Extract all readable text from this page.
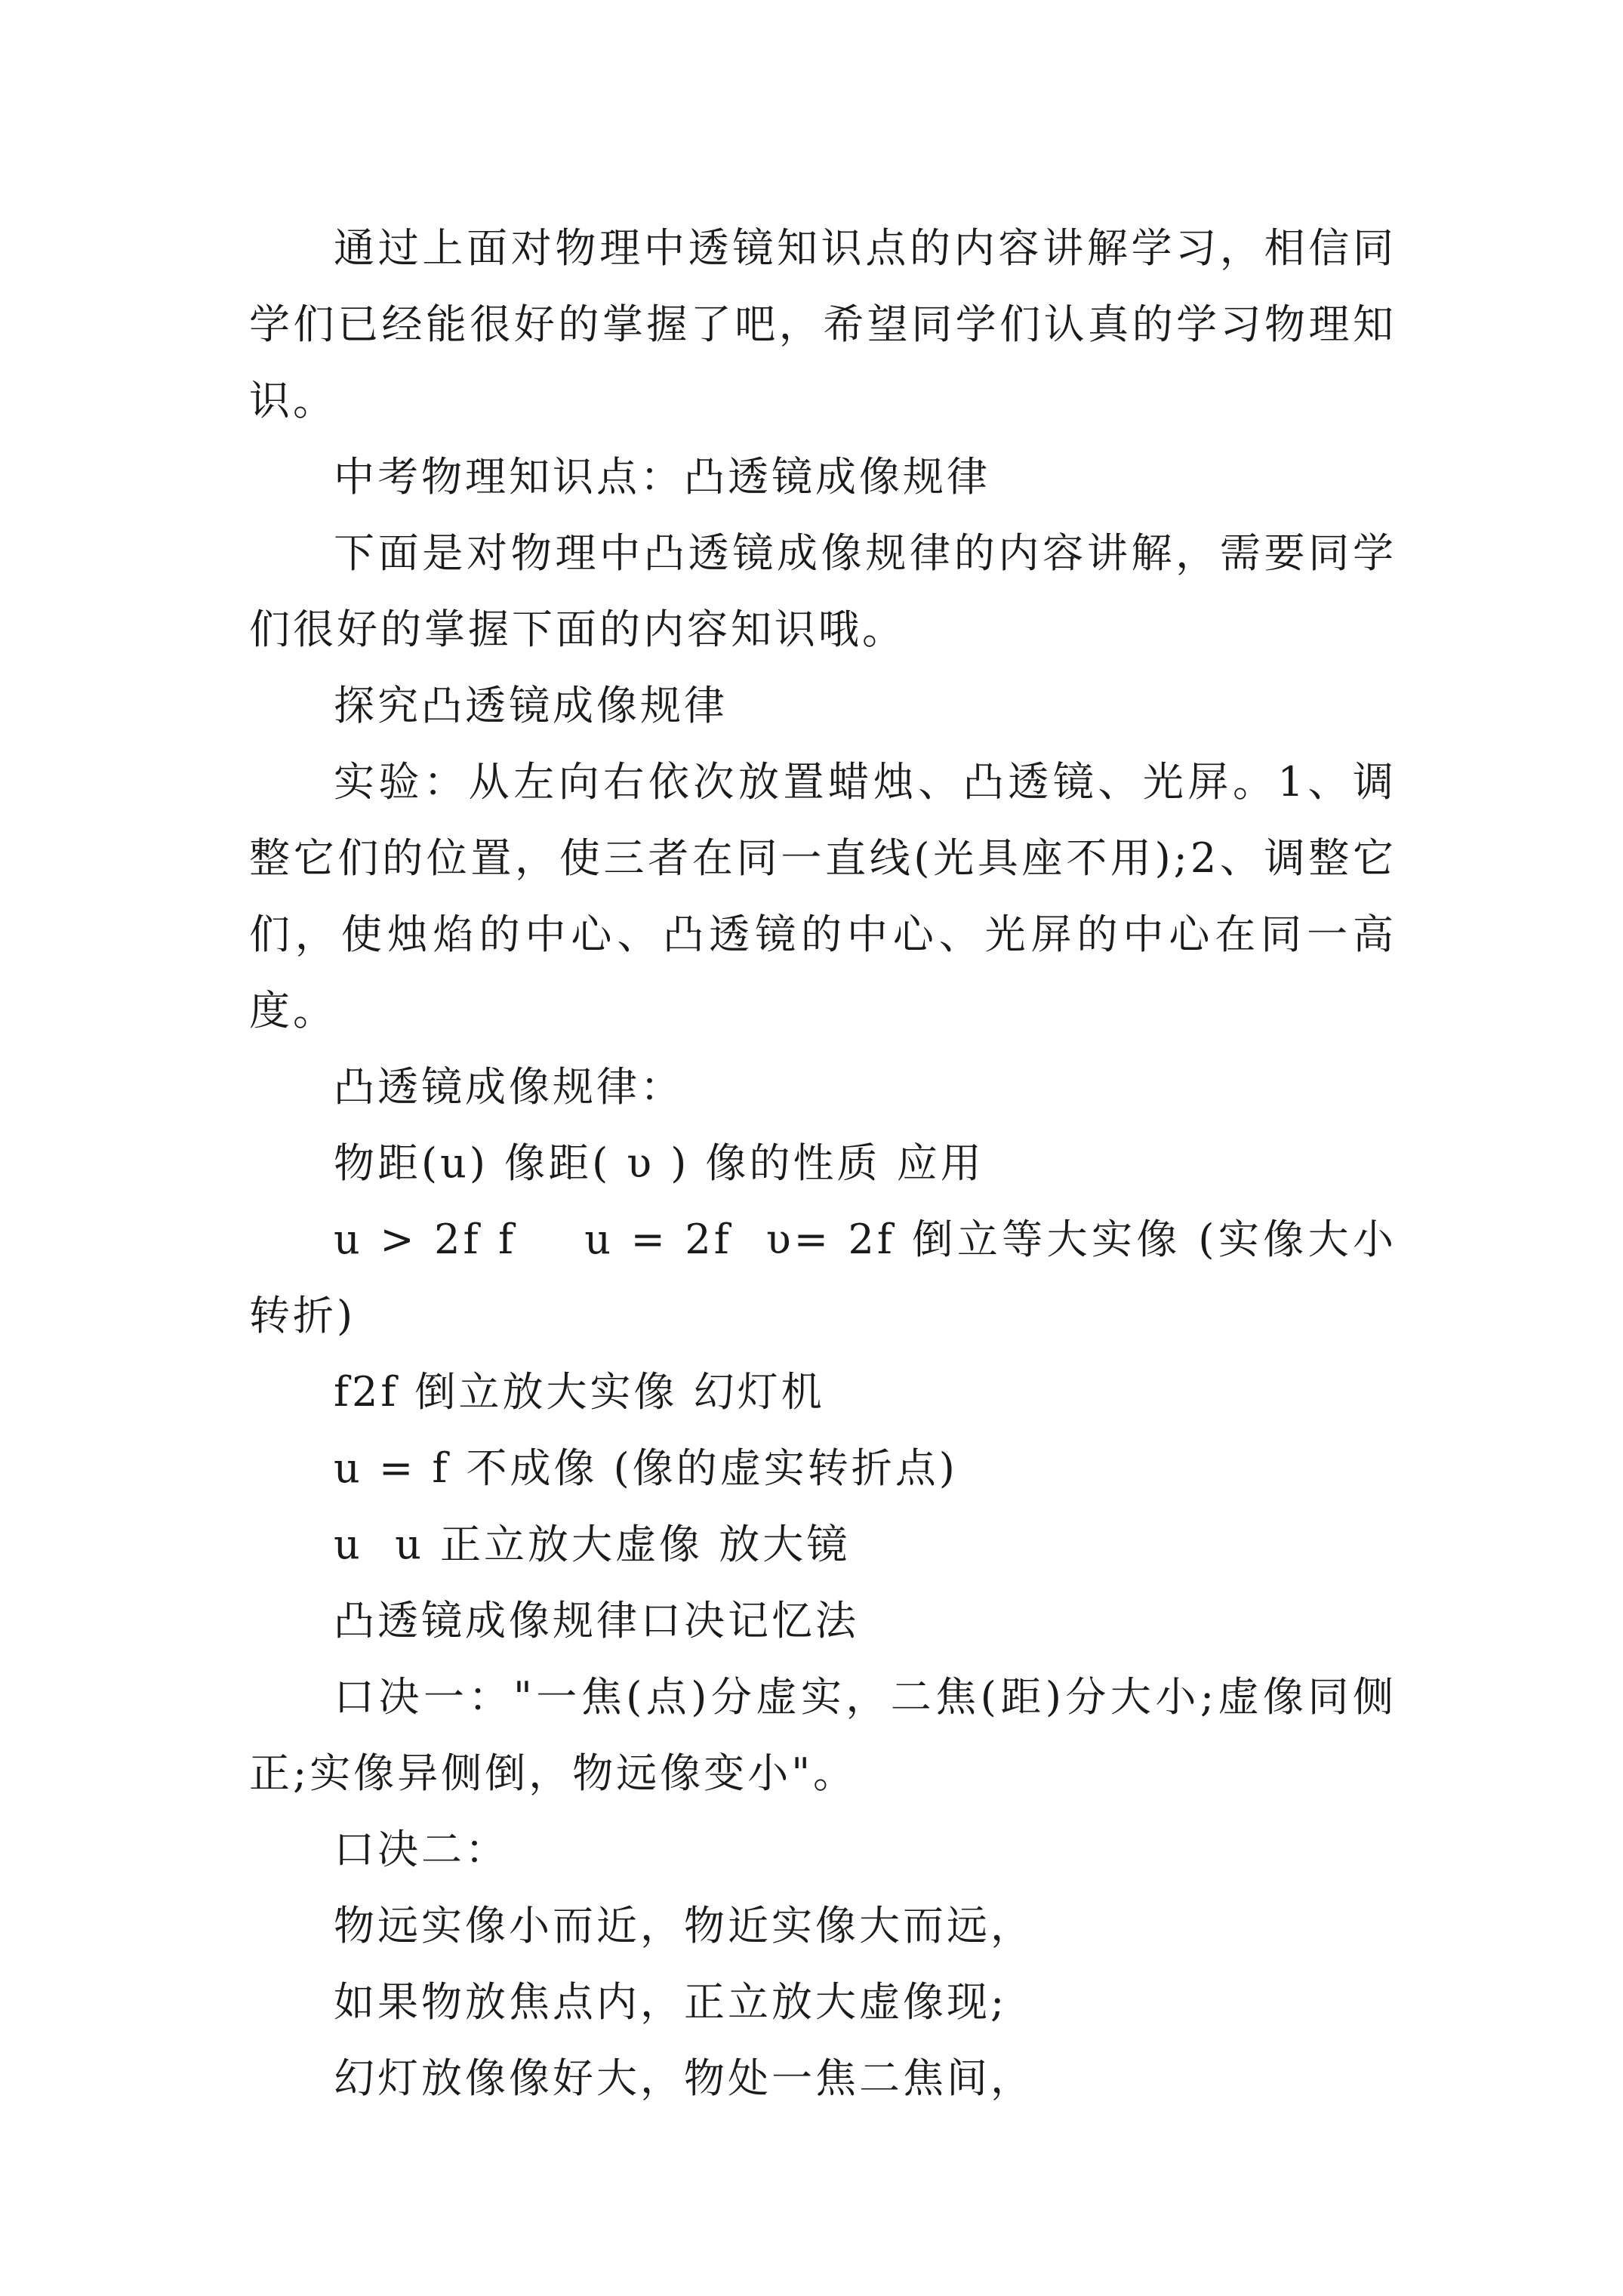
通过上面对物理中透镜知识点的内容讲解学习，相信同学们已经能很好的掌握了吧，希望同学们认真的学习物理知识。

中考物理知识点：凸透镜成像规律

下面是对物理中凸透镜成像规律的内容讲解，需要同学们很好的掌握下面的内容知识哦。

探究凸透镜成像规律

实验：从左向右依次放置蜡烛、凸透镜、光屏。1、调整它们的位置，使三者在同一直线(光具座不用);2、调整它们，使烛焰的中心、凸透镜的中心、光屏的中心在同一高度。

凸透镜成像规律：

物距(u) 像距( υ ) 像的性质 应用

u > 2f f    u = 2f  υ= 2f 倒立等大实像 (实像大小转折)

f2f 倒立放大实像 幻灯机

u = f 不成像 (像的虚实转折点)

u  u 正立放大虚像 放大镜

凸透镜成像规律口决记忆法

口决一："一焦(点)分虚实，二焦(距)分大小;虚像同侧正;实像异侧倒，物远像变小"。

口决二：

物远实像小而近，物近实像大而远，

如果物放焦点内，正立放大虚像现;

幻灯放像像好大，物处一焦二焦间，
